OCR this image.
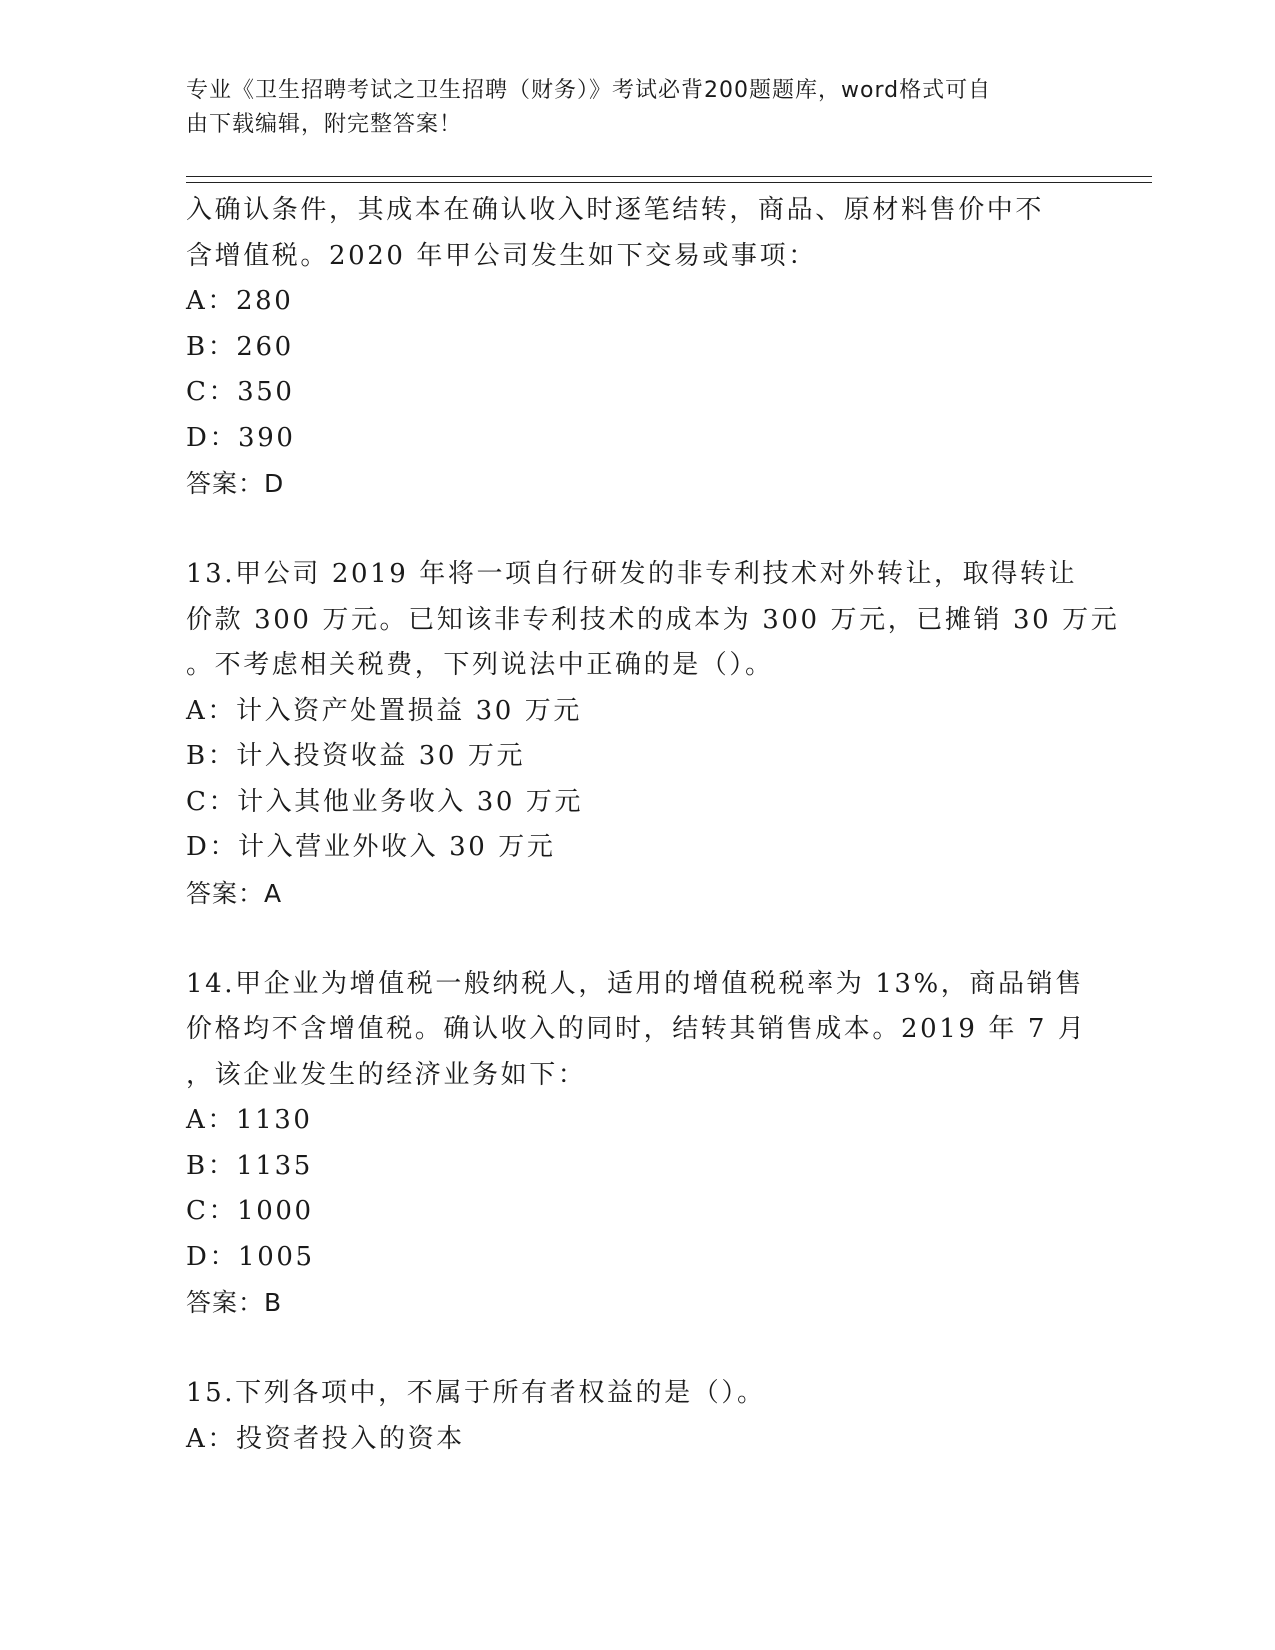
专业《卫生招聘考试之卫生招聘（财务）》考试必背200题题库，word格式可自
由下载编辑，附完整答案！
入确认条件，其成本在确认收入时逐笔结转，商品、原材料售价中不
含增值税。2020 年甲公司发生如下交易或事项：
A：280
B：260
C：350
D：390
答案：D
13.甲公司 2019 年将一项自行研发的非专利技术对外转让，取得转让
价款 300 万元。已知该非专利技术的成本为 300 万元，已摊销 30 万元
。不考虑相关税费，下列说法中正确的是（）。
A：计入资产处置损益 30 万元
B：计入投资收益 30 万元
C：计入其他业务收入 30 万元
D：计入营业外收入 30 万元
答案：A
14.甲企业为增值税一般纳税人，适用的增值税税率为 13%，商品销售
价格均不含增值税。确认收入的同时，结转其销售成本。2019 年 7 月
，该企业发生的经济业务如下：
A：1130
B：1135
C：1000
D：1005
答案：B
15.下列各项中，不属于所有者权益的是（）。
A：投资者投入的资本
